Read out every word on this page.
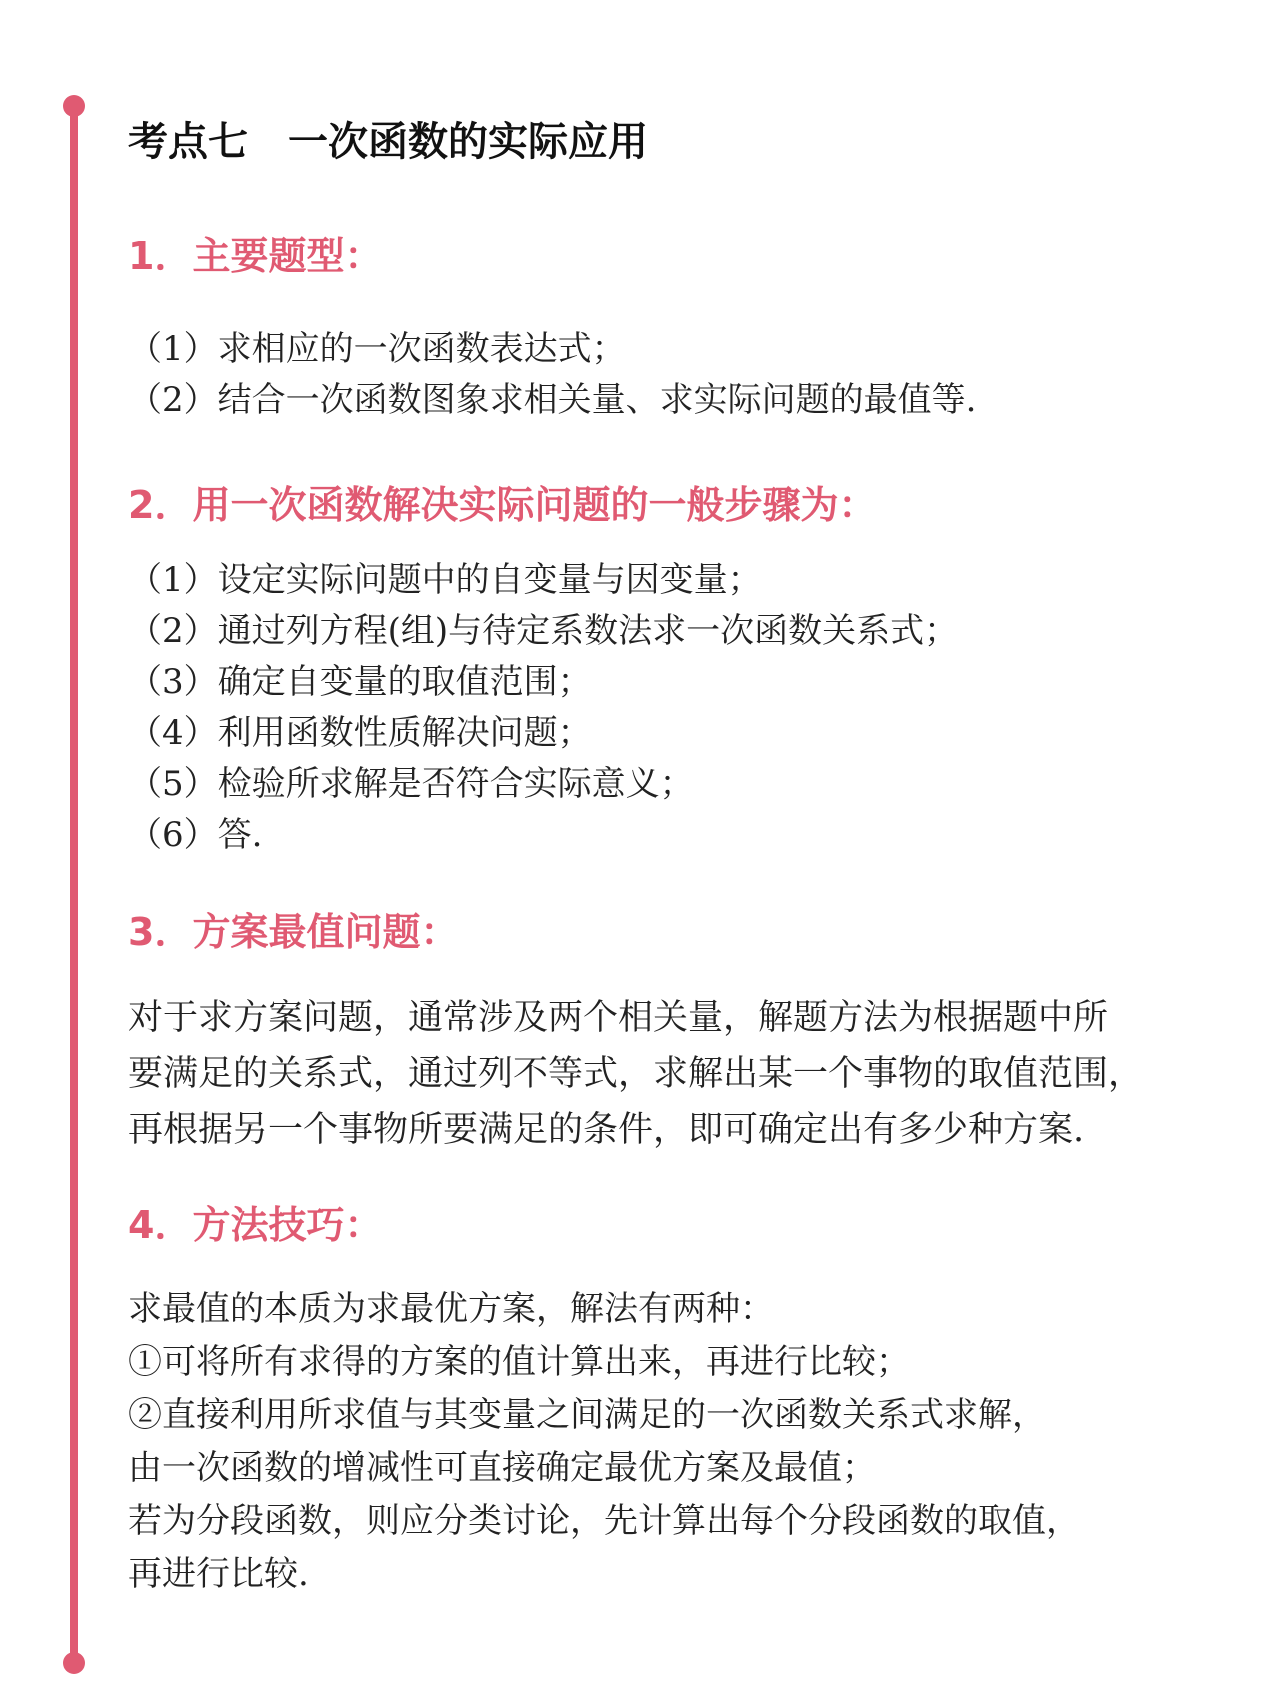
考点七　一次函数的实际应用
1．主要题型：
（1）求相应的一次函数表达式；
（2）结合一次函数图象求相关量、求实际问题的最值等.
2．用一次函数解决实际问题的一般步骤为：
（1）设定实际问题中的自变量与因变量；
（2）通过列方程(组)与待定系数法求一次函数关系式；
（3）确定自变量的取值范围；
（4）利用函数性质解决问题；
（5）检验所求解是否符合实际意义；
（6）答.
3．方案最值问题：
对于求方案问题，通常涉及两个相关量，解题方法为根据题中所
要满足的关系式，通过列不等式，求解出某一个事物的取值范围，
再根据另一个事物所要满足的条件，即可确定出有多少种方案.
4．方法技巧：
求最值的本质为求最优方案，解法有两种：
①可将所有求得的方案的值计算出来，再进行比较；
②直接利用所求值与其变量之间满足的一次函数关系式求解，
由一次函数的增减性可直接确定最优方案及最值；
若为分段函数，则应分类讨论，先计算出每个分段函数的取值，
再进行比较.
